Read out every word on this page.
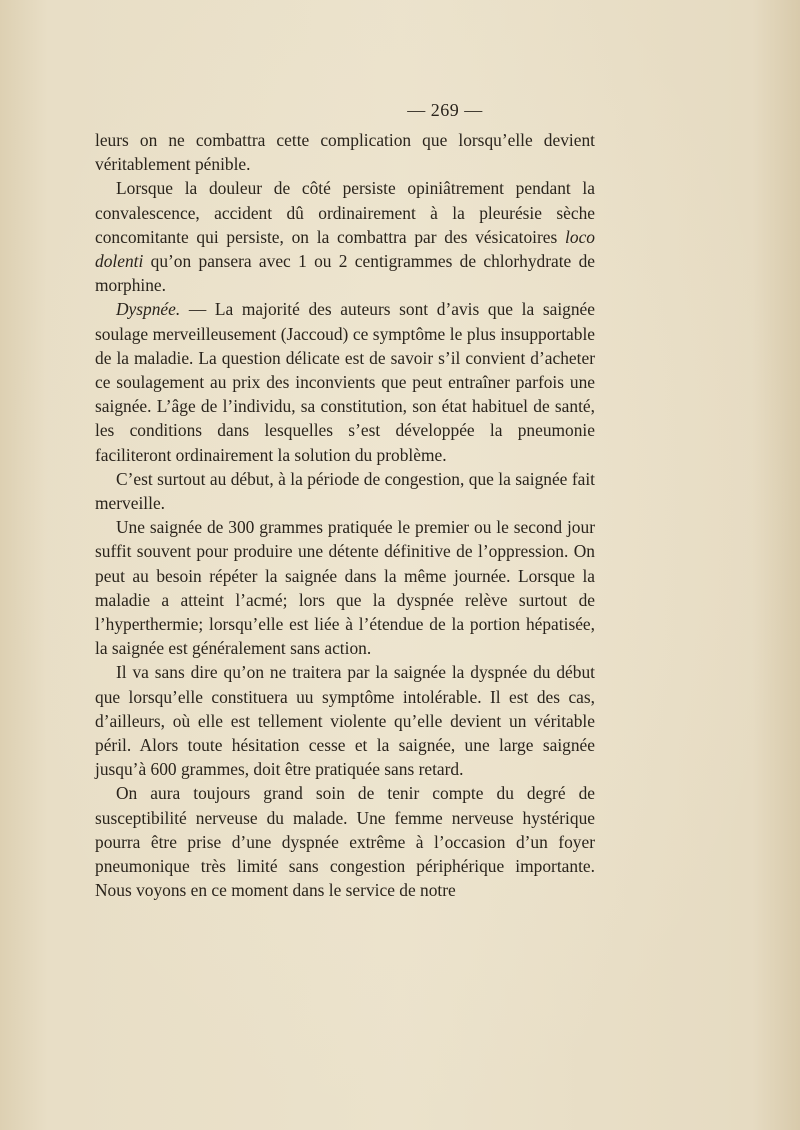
— 269 —

leurs on ne combattra cette complication que lorsqu’elle devient véritablement pénible.

Lorsque la douleur de côté persiste opiniâtrement pendant la convalescence, accident dû ordinairement à la pleurésie sèche concomitante qui persiste, on la combattra par des vésicatoires loco dolenti qu’on pansera avec 1 ou 2 centigrammes de chlorhydrate de morphine.

Dyspnée. — La majorité des auteurs sont d’avis que la saignée soulage merveilleusement (Jaccoud) ce symptôme le plus insupportable de la maladie. La question délicate est de savoir s’il convient d’acheter ce soulagement au prix des inconvients que peut entraîner parfois une saignée. L’âge de l’individu, sa constitution, son état habituel de santé, les conditions dans lesquelles s’est développée la pneumonie faciliteront ordinairement la solution du problème.

C’est surtout au début, à la période de congestion, que la saignée fait merveille.

Une saignée de 300 grammes pratiquée le premier ou le second jour suffit souvent pour produire une détente définitive de l’oppression. On peut au besoin répéter la saignée dans la même journée. Lorsque la maladie a atteint l’acmé; lors que la dyspnée relève surtout de l’hyperthermie; lorsqu’elle est liée à l’étendue de la portion hépatisée, la saignée est généralement sans action.

Il va sans dire qu’on ne traitera par la saignée la dyspnée du début que lorsqu’elle constituera uu symptôme intolérable. Il est des cas, d’ailleurs, où elle est tellement violente qu’elle devient un véritable péril. Alors toute hésitation cesse et la saignée, une large saignée jusqu’à 600 grammes, doit être pratiquée sans retard.

On aura toujours grand soin de tenir compte du degré de susceptibilité nerveuse du malade. Une femme nerveuse hystérique pourra être prise d’une dyspnée extrême à l’occasion d’un foyer pneumonique très limité sans congestion périphérique importante. Nous voyons en ce moment dans le service de notre
